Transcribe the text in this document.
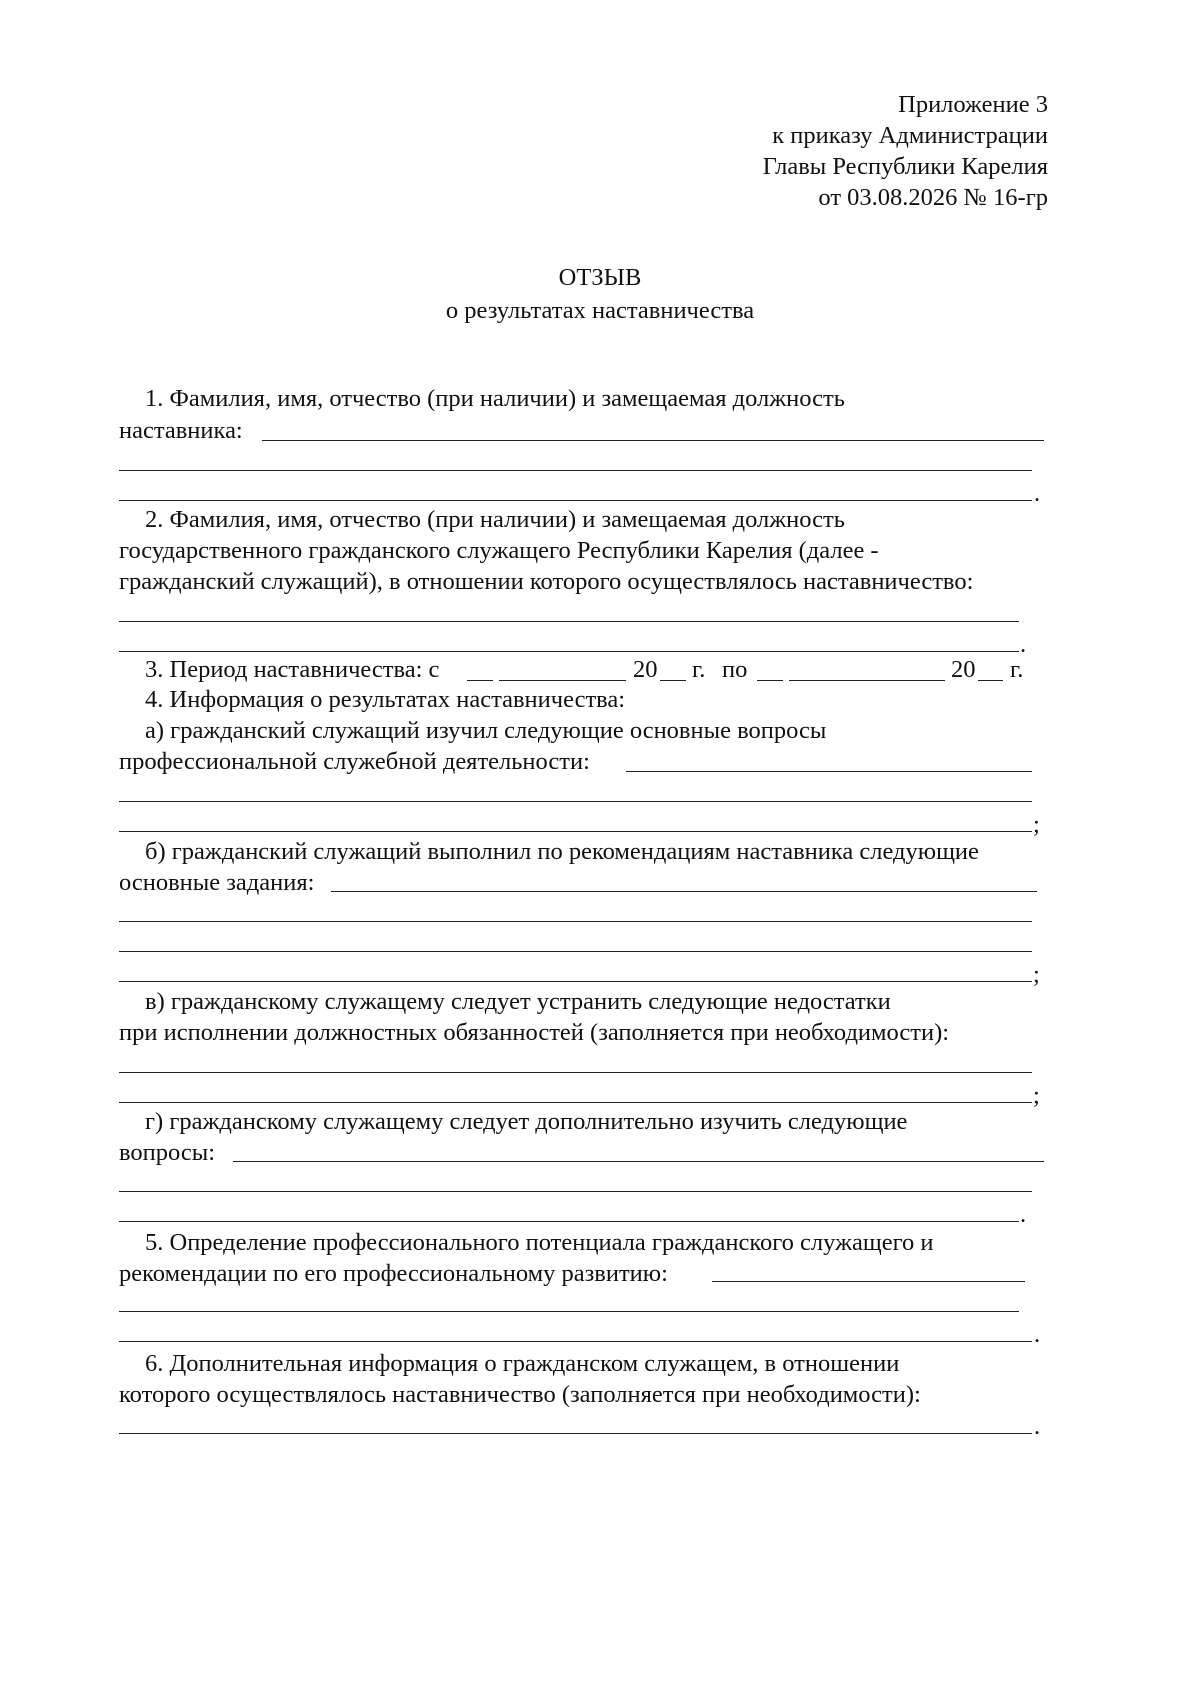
Приложение 3
к приказу Администрации
Главы Республики Карелия
от 03.08.2026 № 16-гр
ОТЗЫВ
о результатах наставничества
1. Фамилия, имя, отчество (при наличии) и замещаемая должность
наставника:
.
2. Фамилия, имя, отчество (при наличии) и замещаемая должность
государственного гражданского служащего Республики Карелия (далее -
гражданский служащий), в отношении которого осуществлялось наставничество:
.
3. Период наставничества: с	20 г. по	20 г.
4. Информация о результатах наставничества:
а) гражданский служащий изучил следующие основные вопросы
профессиональной служебной деятельности:
;
б) гражданский служащий выполнил по рекомендациям наставника следующие
основные задания:
;
в) гражданскому служащему следует устранить следующие недостатки
при исполнении должностных обязанностей (заполняется при необходимости):
;
г) гражданскому служащему следует дополнительно изучить следующие
вопросы:
.
5. Определение профессионального потенциала гражданского служащего и
рекомендации по его профессиональному развитию:
.
6. Дополнительная информация о гражданском служащем, в отношении
которого осуществлялось наставничество (заполняется при необходимости):
.
